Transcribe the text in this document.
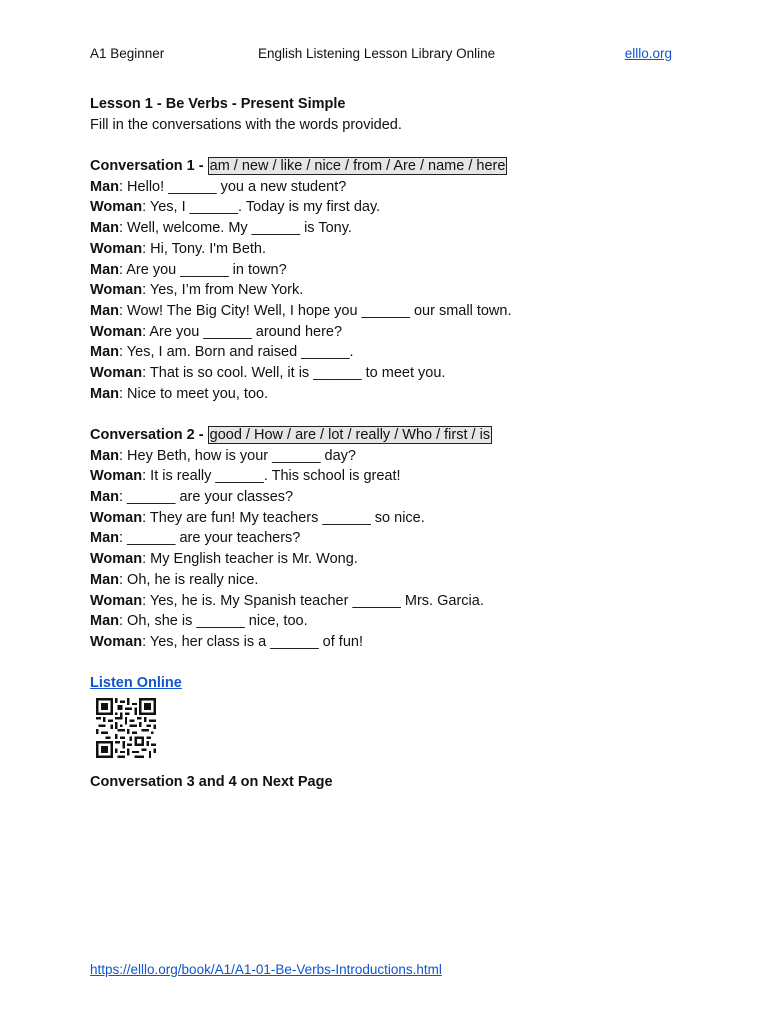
A1 Beginner	English Listening Lesson Library Online	elllo.org
Lesson 1 - Be Verbs - Present Simple
Fill in the conversations with the words provided.
Conversation 1 - am / new / like / nice / from / Are / name / here
Man: Hello! ______ you a new student?
Woman: Yes, I ______. Today is my first day.
Man: Well, welcome. My ______ is Tony.
Woman: Hi, Tony. I'm Beth.
Man: Are you ______ in town?
Woman: Yes, I’m from New York.
Man: Wow! The Big City! Well, I hope you ______ our small town.
Woman: Are you ______ around here?
Man: Yes, I am. Born and raised ______.
Woman: That is so cool. Well, it is ______ to meet you.
Man: Nice to meet you, too.
Conversation 2 - good / How / are / lot / really / Who / first / is
Man: Hey Beth, how is your ______ day?
Woman: It is really ______. This school is great!
Man: ______ are your classes?
Woman: They are fun! My teachers ______ so nice.
Man: ______ are your teachers?
Woman: My English teacher is Mr. Wong.
Man: Oh, he is really nice.
Woman: Yes, he is. My Spanish teacher ______ Mrs. Garcia.
Man: Oh, she is ______ nice, too.
Woman: Yes, her class is a ______ of fun!
Listen Online
Conversation 3 and 4 on Next Page
https://elllo.org/book/A1/A1-01-Be-Verbs-Introductions.html
